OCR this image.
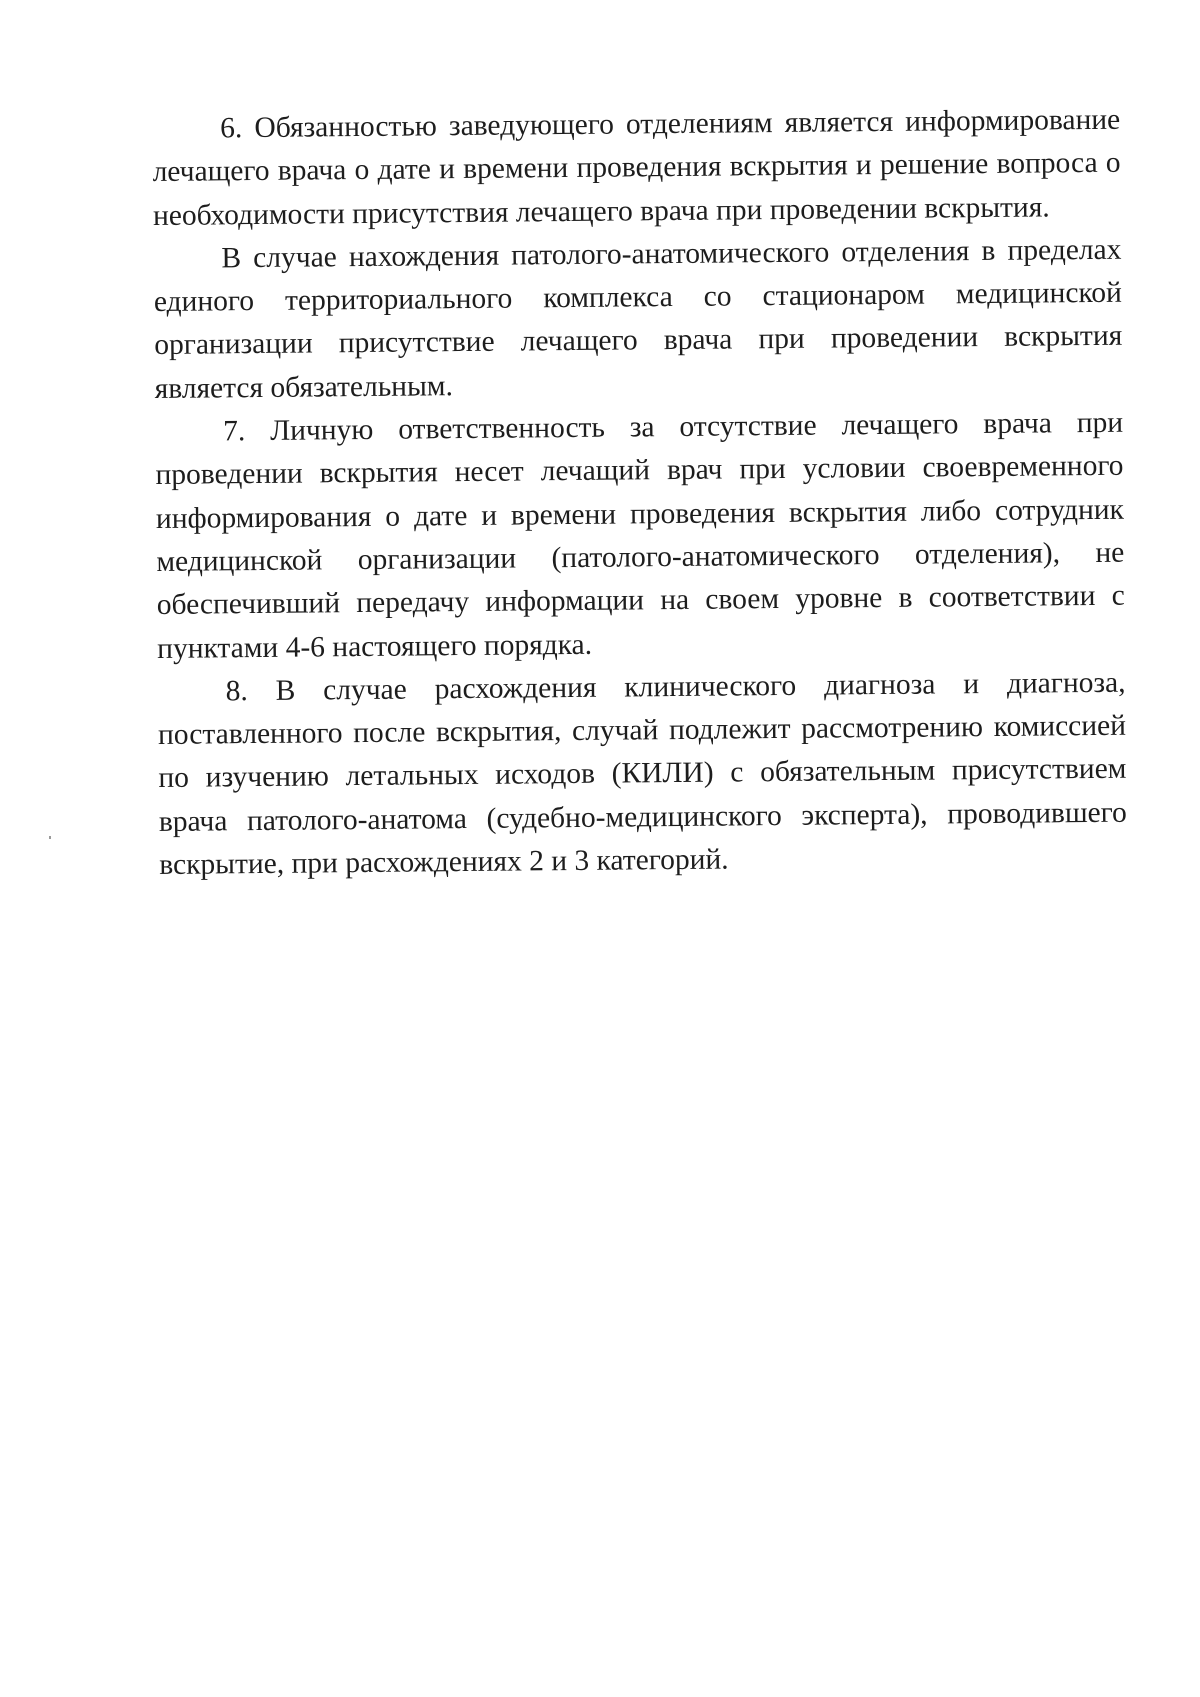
6. Обязанностью заведующего отделениям является информирование лечащего врача о дате и времени проведения вскрытия и решение вопроса о необходимости присутствия лечащего врача при проведении вскрытия.

В случае нахождения патолого-анатомического отделения в пределах единого территориального комплекса со стационаром медицинской организации присутствие лечащего врача при проведении вскрытия является обязательным.

7. Личную ответственность за отсутствие лечащего врача при проведении вскрытия несет лечащий врач при условии своевременного информирования о дате и времени проведения вскрытия либо сотрудник медицинской организации (патолого-анатомического отделения), не обеспечивший передачу информации на своем уровне в соответствии с пунктами 4-6 настоящего порядка.

8. В случае расхождения клинического диагноза и диагноза, поставленного после вскрытия, случай подлежит рассмотрению комиссией по изучению летальных исходов (КИЛИ) с обязательным присутствием врача патолого-анатома (судебно-медицинского эксперта), проводившего вскрытие, при расхождениях 2 и 3 категорий.
